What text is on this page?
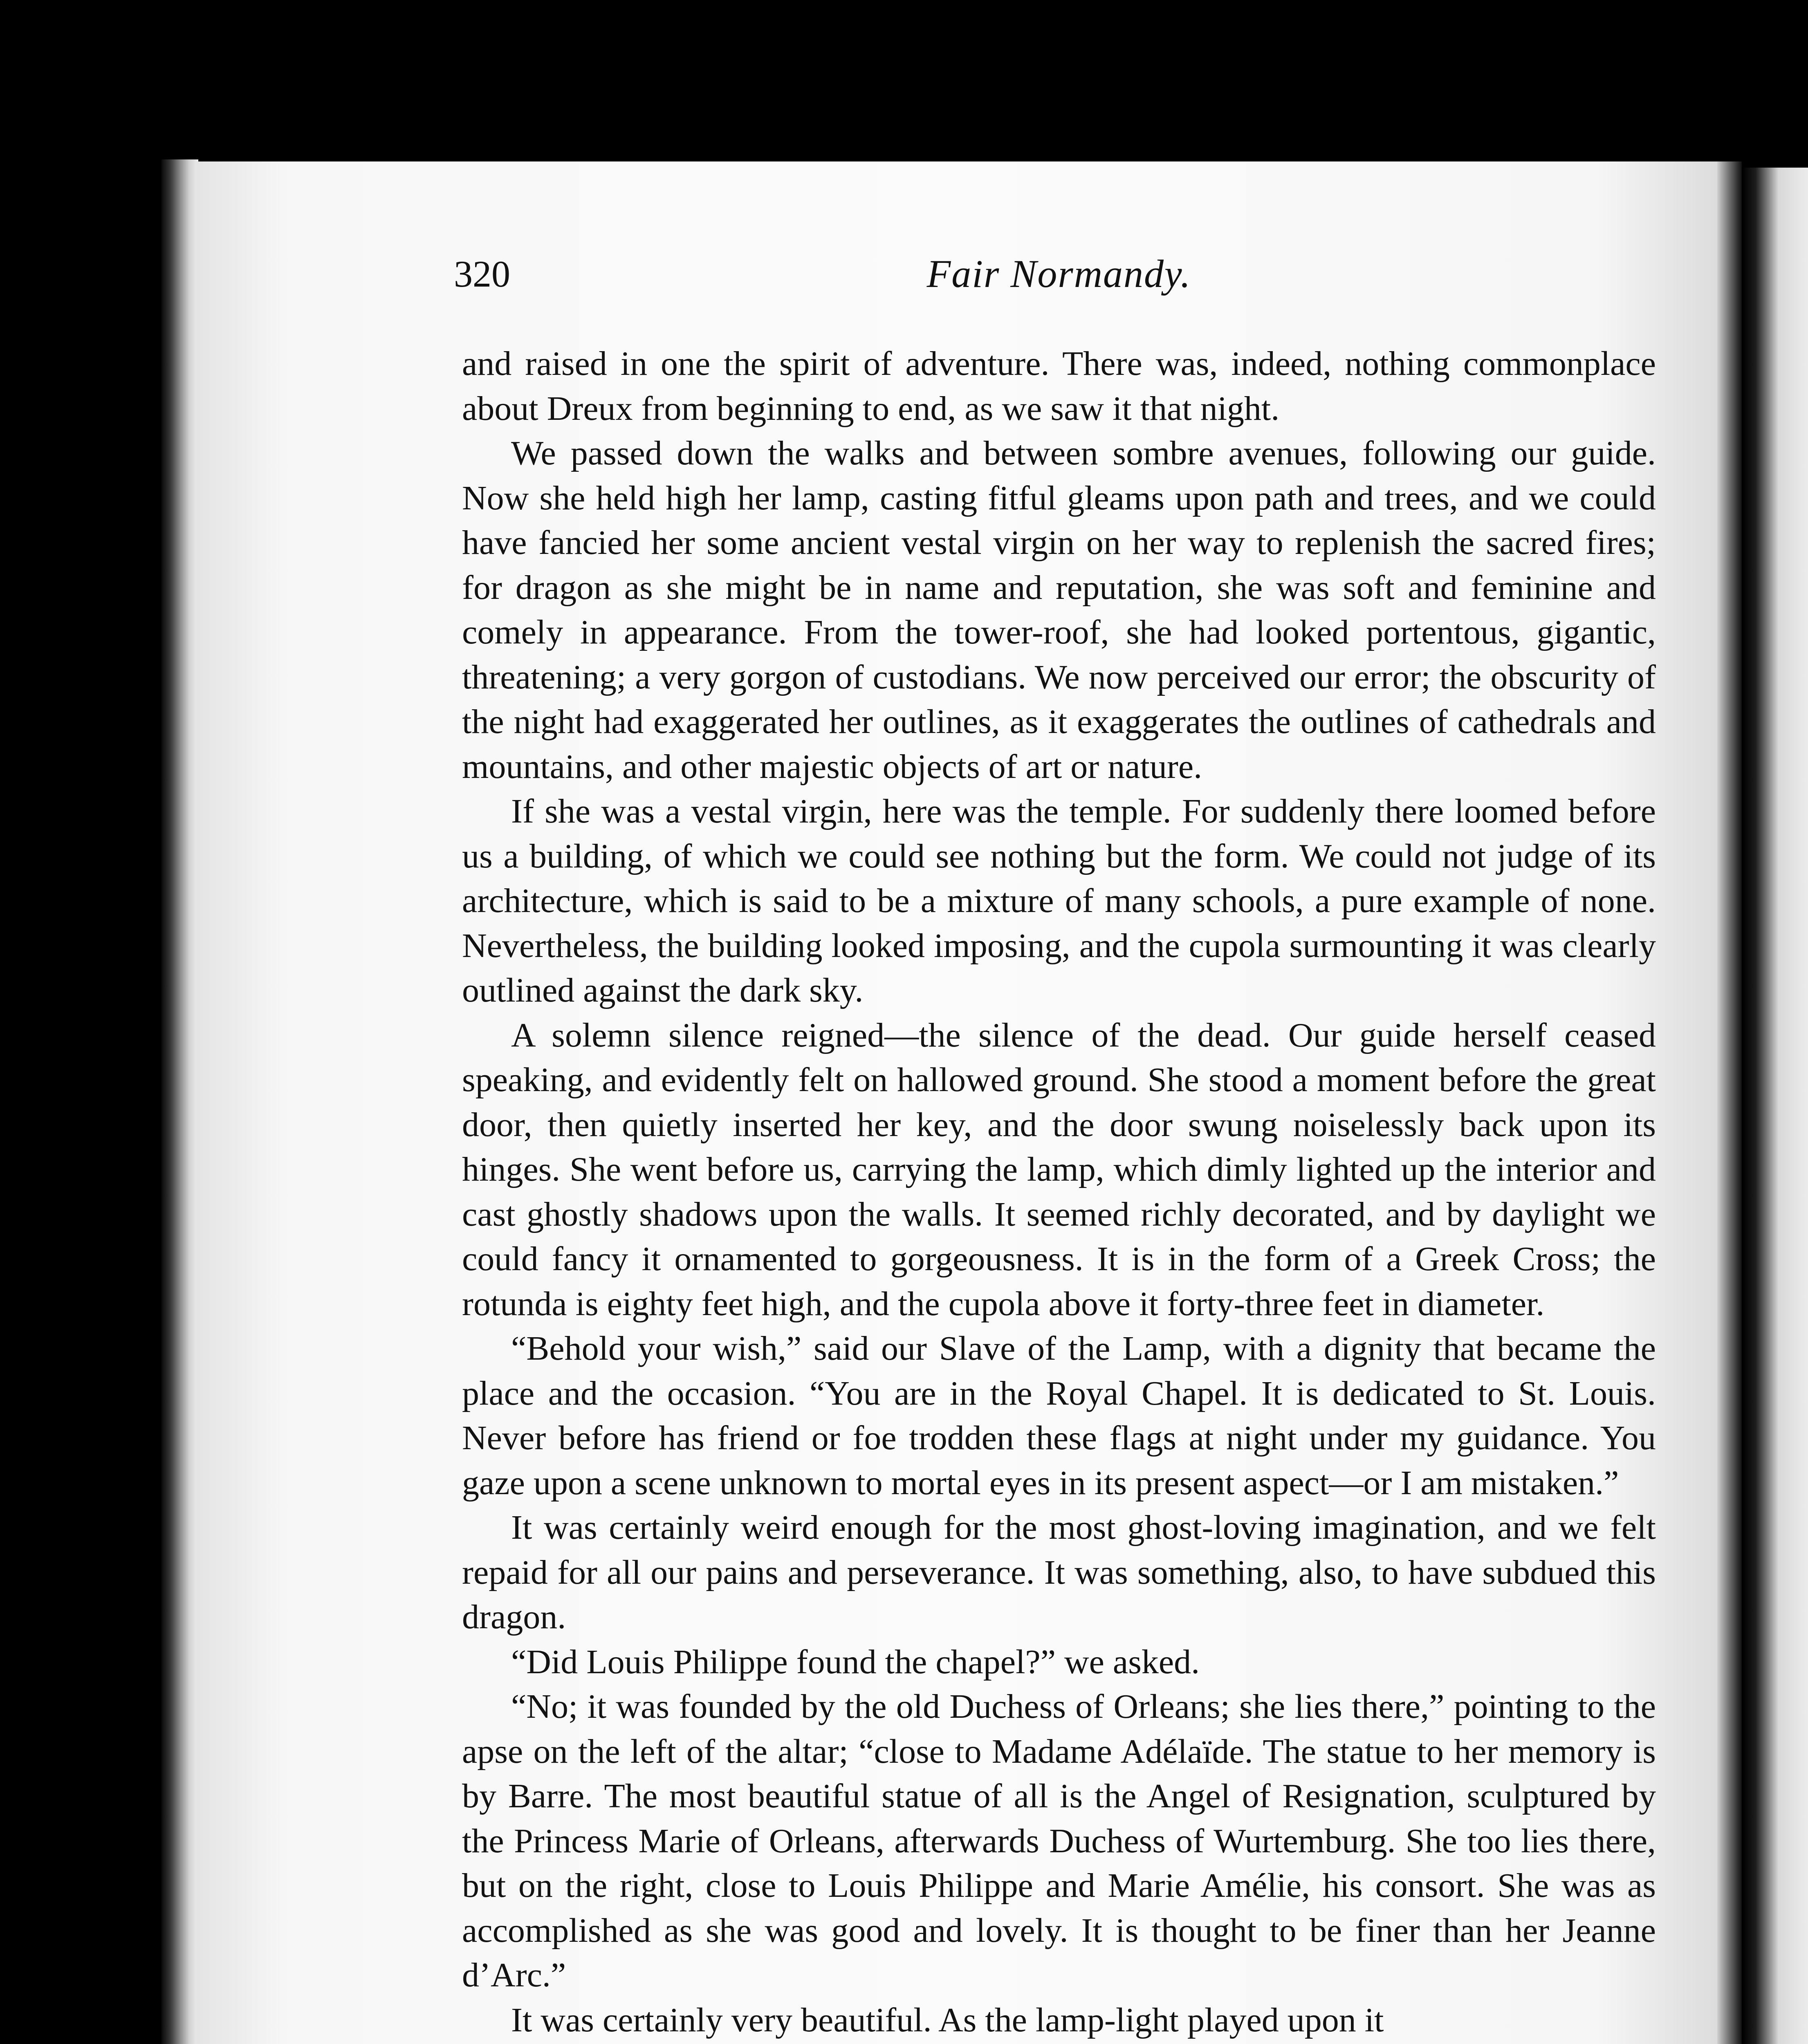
320	Fair Normandy.

and raised in one the spirit of adventure. There was, indeed, nothing commonplace about Dreux from beginning to end, as we saw it that night.

We passed down the walks and between sombre avenues, following our guide. Now she held high her lamp, casting fitful gleams upon path and trees, and we could have fancied her some ancient vestal virgin on her way to replenish the sacred fires; for dragon as she might be in name and reputation, she was soft and feminine and comely in appearance. From the tower-roof, she had looked portentous, gigantic, threatening; a very gorgon of custodians. We now perceived our error; the obscurity of the night had exaggerated her outlines, as it exaggerates the outlines of cathedrals and mountains, and other majestic objects of art or nature.

If she was a vestal virgin, here was the temple. For suddenly there loomed before us a building, of which we could see nothing but the form. We could not judge of its architecture, which is said to be a mixture of many schools, a pure example of none. Nevertheless, the building looked imposing, and the cupola surmounting it was clearly outlined against the dark sky.

A solemn silence reigned—the silence of the dead. Our guide herself ceased speaking, and evidently felt on hallowed ground. She stood a moment before the great door, then quietly inserted her key, and the door swung noiselessly back upon its hinges. She went before us, carrying the lamp, which dimly lighted up the interior and cast ghostly shadows upon the walls. It seemed richly decorated, and by daylight we could fancy it ornamented to gorgeousness. It is in the form of a Greek Cross; the rotunda is eighty feet high, and the cupola above it forty-three feet in diameter.

“Behold your wish,” said our Slave of the Lamp, with a dignity that became the place and the occasion. “You are in the Royal Chapel. It is dedicated to St. Louis. Never before has friend or foe trodden these flags at night under my guidance. You gaze upon a scene unknown to mortal eyes in its present aspect—or I am mistaken.”

It was certainly weird enough for the most ghost-loving imagination, and we felt repaid for all our pains and perseverance. It was something, also, to have subdued this dragon.

“Did Louis Philippe found the chapel?” we asked.

“No; it was founded by the old Duchess of Orleans; she lies there,” pointing to the apse on the left of the altar; “close to Madame Adélaïde. The statue to her memory is by Barre. The most beautiful statue of all is the Angel of Resignation, sculptured by the Princess Marie of Orleans, afterwards Duchess of Wurtemburg. She too lies there, but on the right, close to Louis Philippe and Marie Amélie, his consort. She was as accomplished as she was good and lovely. It is thought to be finer than her Jeanne d’Arc.”

It was certainly very beautiful. As the lamp-light played upon it
